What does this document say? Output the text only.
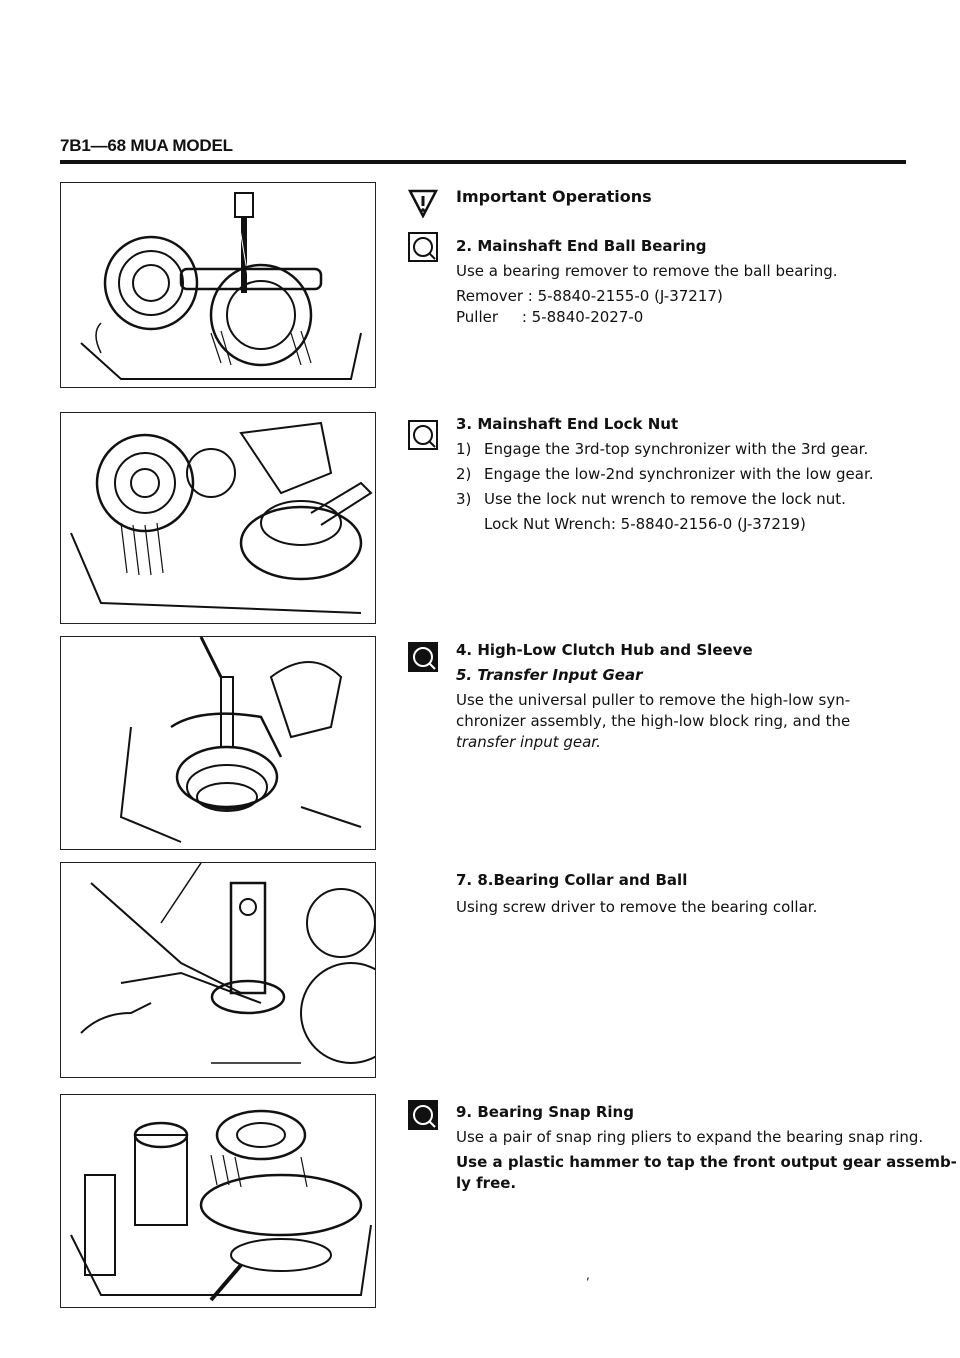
7B1—68 MUA MODEL

Important Operations

2. Mainshaft End Ball Bearing

Use a bearing remover to remove the ball bearing.

Remover : 5-8840-2155-0 (J-37217)

Puller     : 5-8840-2027-0

3. Mainshaft End Lock Nut

1) Engage the 3rd-top synchronizer with the 3rd gear.
2) Engage the low-2nd synchronizer with the low gear.
3) Use the lock nut wrench to remove the lock nut.

Lock Nut Wrench: 5-8840-2156-0 (J-37219)

4. High-Low Clutch Hub and Sleeve

5. Transfer Input Gear

Use the universal puller to remove the high-low syn-

chronizer assembly, the high-low block ring, and the

transfer input gear.

7. 8.Bearing Collar and Ball

Using screw driver to remove the bearing collar.

9. Bearing Snap Ring

Use a pair of snap ring pliers to expand the bearing snap ring.

Use a plastic hammer to tap the front output gear assemb-

ly free.

,
